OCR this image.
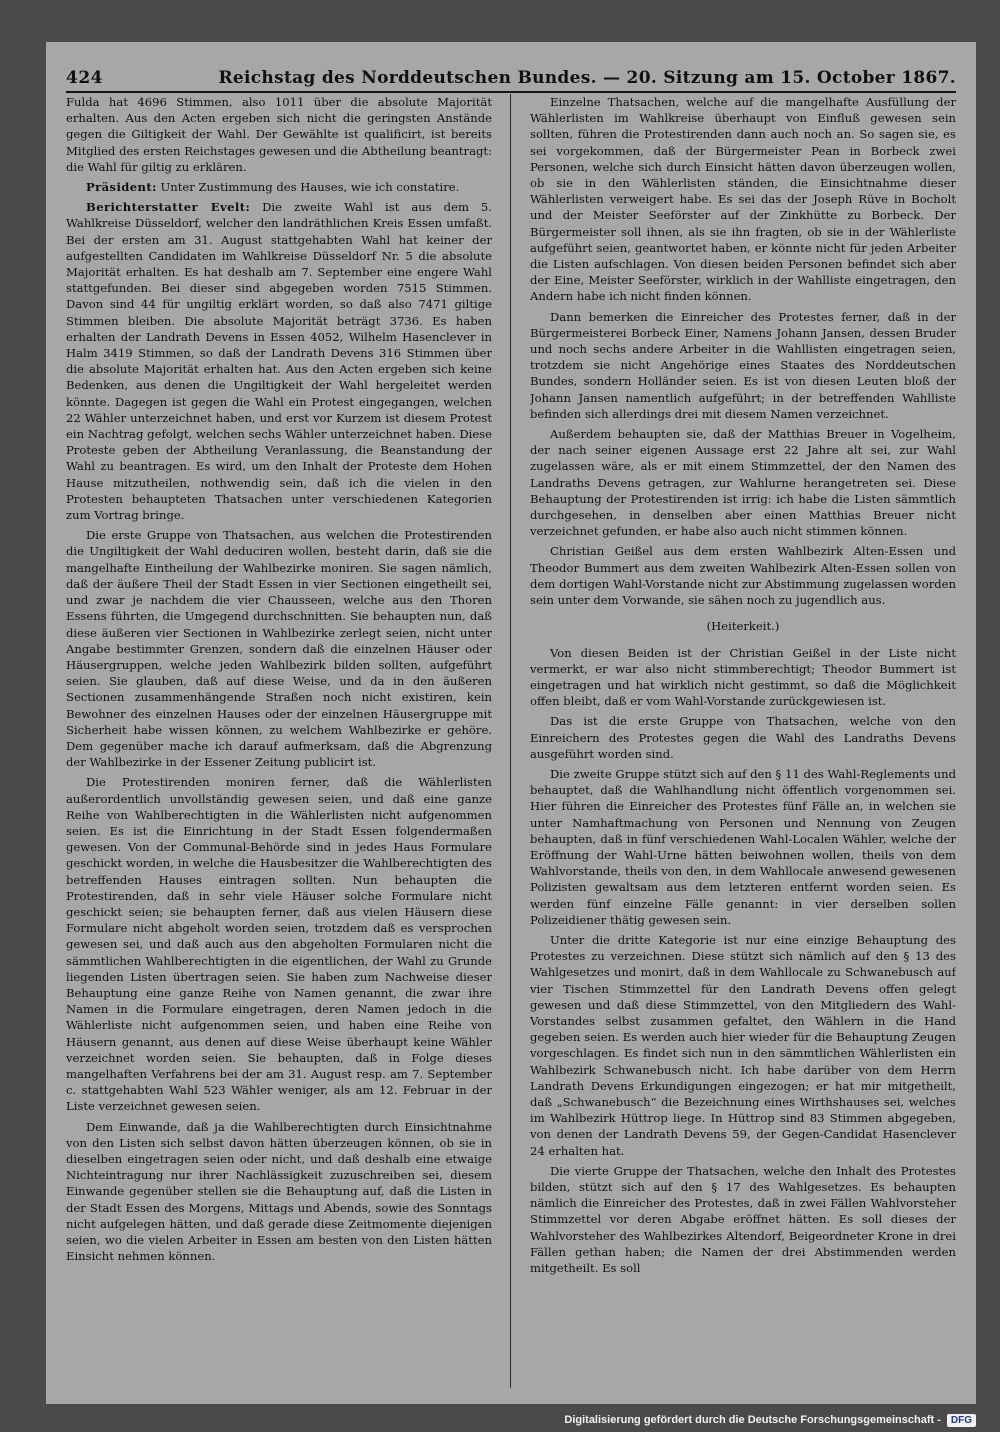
424	Reichstag des Norddeutschen Bundes. — 20. Sitzung am 15. October 1867.

Fulda hat 4696 Stimmen, also 1011 über die absolute Majorität erhalten. Aus den Acten ergeben sich nicht die geringsten Anstände gegen die Giltigkeit der Wahl. Der Gewählte ist qualificirt, ist bereits Mitglied des ersten Reichstages gewesen und die Abtheilung beantragt: die Wahl für giltig zu erklären.

Präsident: Unter Zustimmung des Hauses, wie ich constatire.

Berichterstatter Evelt: Die zweite Wahl ist aus dem 5. Wahlkreise Düsseldorf, welcher den landräthlichen Kreis Essen umfaßt. Bei der ersten am 31. August stattgehabten Wahl hat keiner der aufgestellten Candidaten im Wahlkreise Düsseldorf Nr. 5 die absolute Majorität erhalten. Es hat deshalb am 7. September eine engere Wahl stattgefunden. Bei dieser sind abgegeben worden 7515 Stimmen. Davon sind 44 für ungiltig erklärt worden, so daß also 7471 giltige Stimmen bleiben. Die absolute Majorität beträgt 3736. Es haben erhalten der Landrath Devens in Essen 4052, Wilhelm Hasenclever in Halm 3419 Stimmen, so daß der Landrath Devens 316 Stimmen über die absolute Majorität erhalten hat. Aus den Acten ergeben sich keine Bedenken, aus denen die Ungiltigkeit der Wahl hergeleitet werden könnte. Dagegen ist gegen die Wahl ein Protest eingegangen, welchen 22 Wähler unterzeichnet haben, und erst vor Kurzem ist diesem Protest ein Nachtrag gefolgt, welchen sechs Wähler unterzeichnet haben. Diese Proteste geben der Abtheilung Veranlassung, die Beanstandung der Wahl zu beantragen. Es wird, um den Inhalt der Proteste dem Hohen Hause mitzutheilen, nothwendig sein, daß ich die vielen in den Protesten behaupteten Thatsachen unter verschiedenen Kategorien zum Vortrag bringe.

Die erste Gruppe von Thatsachen, aus welchen die Protestirenden die Ungiltigkeit der Wahl deduciren wollen, besteht darin, daß sie die mangelhafte Eintheilung der Wahlbezirke moniren. Sie sagen nämlich, daß der äußere Theil der Stadt Essen in vier Sectionen eingetheilt sei, und zwar je nachdem die vier Chausseen, welche aus den Thoren Essens führten, die Umgegend durchschnitten. Sie behaupten nun, daß diese äußeren vier Sectionen in Wahlbezirke zerlegt seien, nicht unter Angabe bestimmter Grenzen, sondern daß die einzelnen Häuser oder Häusergruppen, welche jeden Wahlbezirk bilden sollten, aufgeführt seien. Sie glauben, daß auf diese Weise, und da in den äußeren Sectionen zusammenhängende Straßen noch nicht existiren, kein Bewohner des einzelnen Hauses oder der einzelnen Häusergruppe mit Sicherheit habe wissen können, zu welchem Wahlbezirke er gehöre. Dem gegenüber mache ich darauf aufmerksam, daß die Abgrenzung der Wahlbezirke in der Essener Zeitung publicirt ist.

Die Protestirenden moniren ferner, daß die Wählerlisten außerordentlich unvollständig gewesen seien, und daß eine ganze Reihe von Wahlberechtigten in die Wählerlisten nicht aufgenommen seien. Es ist die Einrichtung in der Stadt Essen folgendermaßen gewesen. Von der Communal-Behörde sind in jedes Haus Formulare geschickt worden, in welche die Hausbesitzer die Wahlberechtigten des betreffenden Hauses eintragen sollten. Nun behaupten die Protestirenden, daß in sehr viele Häuser solche Formulare nicht geschickt seien; sie behaupten ferner, daß aus vielen Häusern diese Formulare nicht abgeholt worden seien, trotzdem daß es versprochen gewesen sei, und daß auch aus den abgeholten Formularen nicht die sämmtlichen Wahlberechtigten in die eigentlichen, der Wahl zu Grunde liegenden Listen übertragen seien. Sie haben zum Nachweise dieser Behauptung eine ganze Reihe von Namen genannt, die zwar ihre Namen in die Formulare eingetragen, deren Namen jedoch in die Wählerliste nicht aufgenommen seien, und haben eine Reihe von Häusern genannt, aus denen auf diese Weise überhaupt keine Wähler verzeichnet worden seien. Sie behaupten, daß in Folge dieses mangelhaften Verfahrens bei der am 31. August resp. am 7. September c. stattgehabten Wahl 523 Wähler weniger, als am 12. Februar in der Liste verzeichnet gewesen seien.

Dem Einwande, daß ja die Wahlberechtigten durch Einsichtnahme von den Listen sich selbst davon hätten überzeugen können, ob sie in dieselben eingetragen seien oder nicht, und daß deshalb eine etwaige Nichteintragung nur ihrer Nachlässigkeit zuzuschreiben sei, diesem Einwande gegenüber stellen sie die Behauptung auf, daß die Listen in der Stadt Essen des Morgens, Mittags und Abends, sowie des Sonntags nicht aufgelegen hätten, und daß gerade diese Zeitmomente diejenigen seien, wo die vielen Arbeiter in Essen am besten von den Listen hätten Einsicht nehmen können.

Einzelne Thatsachen, welche auf die mangelhafte Ausfüllung der Wählerlisten im Wahlkreise überhaupt von Einfluß gewesen sein sollten, führen die Protestirenden dann auch noch an. So sagen sie, es sei vorgekommen, daß der Bürgermeister Pean in Borbeck zwei Personen, welche sich durch Einsicht hätten davon überzeugen wollen, ob sie in den Wählerlisten ständen, die Einsichtnahme dieser Wählerlisten verweigert habe. Es sei das der Joseph Rüve in Bocholt und der Meister Seeförster auf der Zinkhütte zu Borbeck. Der Bürgermeister soll ihnen, als sie ihn fragten, ob sie in der Wählerliste aufgeführt seien, geantwortet haben, er könnte nicht für jeden Arbeiter die Listen aufschlagen. Von diesen beiden Personen befindet sich aber der Eine, Meister Seeförster, wirklich in der Wahlliste eingetragen, den Andern habe ich nicht finden können.

Dann bemerken die Einreicher des Protestes ferner, daß in der Bürgermeisterei Borbeck Einer, Namens Johann Jansen, dessen Bruder und noch sechs andere Arbeiter in die Wahllisten eingetragen seien, trotzdem sie nicht Angehörige eines Staates des Norddeutschen Bundes, sondern Holländer seien. Es ist von diesen Leuten bloß der Johann Jansen namentlich aufgeführt; in der betreffenden Wahlliste befinden sich allerdings drei mit diesem Namen verzeichnet.

Außerdem behaupten sie, daß der Matthias Breuer in Vogelheim, der nach seiner eigenen Aussage erst 22 Jahre alt sei, zur Wahl zugelassen wäre, als er mit einem Stimmzettel, der den Namen des Landraths Devens getragen, zur Wahlurne herangetreten sei. Diese Behauptung der Protestirenden ist irrig: ich habe die Listen sämmtlich durchgesehen, in denselben aber einen Matthias Breuer nicht verzeichnet gefunden, er habe also auch nicht stimmen können.

Christian Geißel aus dem ersten Wahlbezirk Alten-Essen und Theodor Bummert aus dem zweiten Wahlbezirk Alten-Essen sollen von dem dortigen Wahl-Vorstande nicht zur Abstimmung zugelassen worden sein unter dem Vorwande, sie sähen noch zu jugendlich aus.

(Heiterkeit.)

Von diesen Beiden ist der Christian Geißel in der Liste nicht vermerkt, er war also nicht stimmberechtigt; Theodor Bummert ist eingetragen und hat wirklich nicht gestimmt, so daß die Möglichkeit offen bleibt, daß er vom Wahl-Vorstande zurückgewiesen ist.

Das ist die erste Gruppe von Thatsachen, welche von den Einreichern des Protestes gegen die Wahl des Landraths Devens ausgeführt worden sind.

Die zweite Gruppe stützt sich auf den § 11 des Wahl-Reglements und behauptet, daß die Wahlhandlung nicht öffentlich vorgenommen sei. Hier führen die Einreicher des Protestes fünf Fälle an, in welchen sie unter Namhaftmachung von Personen und Nennung von Zeugen behaupten, daß in fünf verschiedenen Wahl-Localen Wähler, welche der Eröffnung der Wahl-Urne hätten beiwohnen wollen, theils von dem Wahlvorstande, theils von den, in dem Wahllocale anwesend gewesenen Polizisten gewaltsam aus dem letzteren entfernt worden seien. Es werden fünf einzelne Fälle genannt: in vier derselben sollen Polizeidiener thätig gewesen sein.

Unter die dritte Kategorie ist nur eine einzige Behauptung des Protestes zu verzeichnen. Diese stützt sich nämlich auf den § 13 des Wahlgesetzes und monirt, daß in dem Wahllocale zu Schwanebusch auf vier Tischen Stimmzettel für den Landrath Devens offen gelegt gewesen und daß diese Stimmzettel, von den Mitgliedern des Wahl-Vorstandes selbst zusammen gefaltet, den Wählern in die Hand gegeben seien. Es werden auch hier wieder für die Behauptung Zeugen vorgeschlagen. Es findet sich nun in den sämmtlichen Wählerlisten ein Wahlbezirk Schwanebusch nicht. Ich habe darüber von dem Herrn Landrath Devens Erkundigungen eingezogen; er hat mir mitgetheilt, daß „Schwanebusch“ die Bezeichnung eines Wirthshauses sei, welches im Wahlbezirk Hüttrop liege. In Hüttrop sind 83 Stimmen abgegeben, von denen der Landrath Devens 59, der Gegen-Candidat Hasenclever 24 erhalten hat.

Die vierte Gruppe der Thatsachen, welche den Inhalt des Protestes bilden, stützt sich auf den § 17 des Wahlgesetzes. Es behaupten nämlich die Einreicher des Protestes, daß in zwei Fällen Wahlvorsteher Stimmzettel vor deren Abgabe eröffnet hätten. Es soll dieses der Wahlvorsteher des Wahlbezirkes Altendorf, Beigeordneter Krone in drei Fällen gethan haben; die Namen der drei Abstimmenden werden mitgetheilt. Es soll

Digitalisierung gefördert durch die Deutsche Forschungsgemeinschaft -	DFG
